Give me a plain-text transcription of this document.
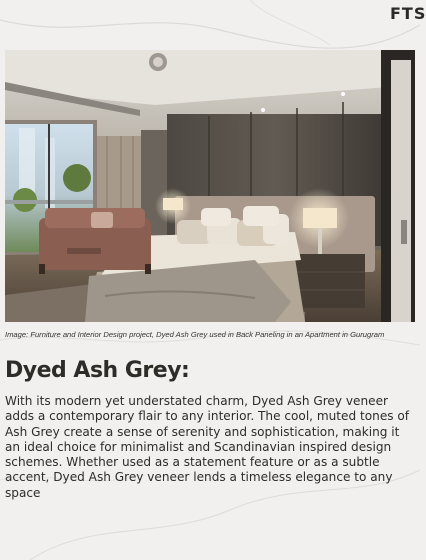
FTS
Image: Furniture and Interior Design project, Dyed Ash Grey used in Back Paneling in an Apartment in Gurugram
Dyed Ash Grey:

With its modern yet understated charm, Dyed Ash Grey veneer adds a contemporary flair to any interior. The cool, muted tones of Ash Grey create a sense of serenity and sophistication, making it an ideal choice for minimalist and Scandinavian inspired design schemes. Whether used as a statement feature or as a subtle accent, Dyed Ash Grey veneer lends a timeless elegance to any space
